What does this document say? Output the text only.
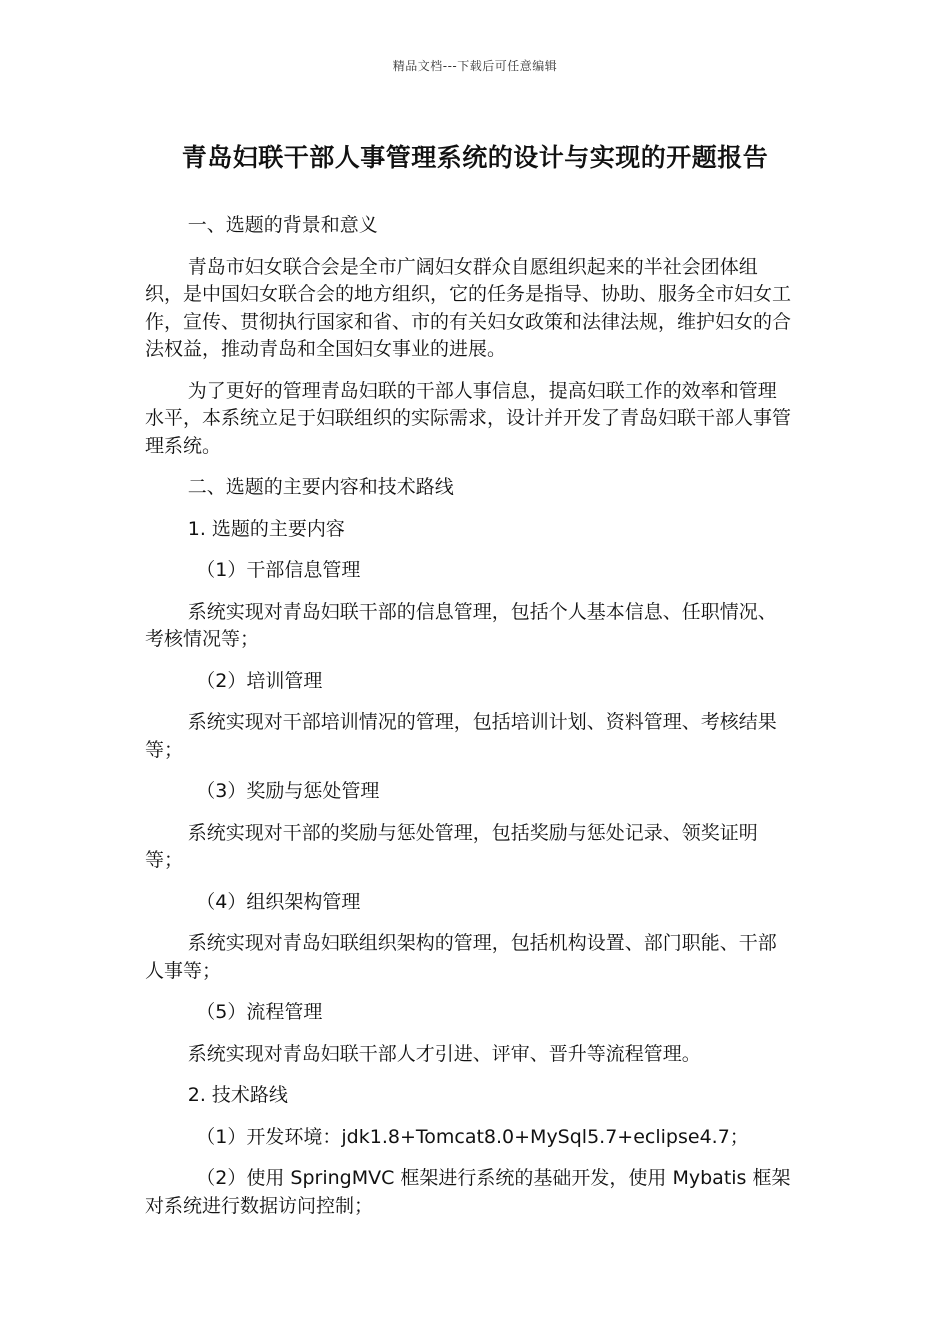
精品文档---下载后可任意编辑
青岛妇联干部人事管理系统的设计与实现的开题报告

一、选题的背景和意义

青岛市妇女联合会是全市广阔妇女群众自愿组织起来的半社会团体组织，是中国妇女联合会的地方组织，它的任务是指导、协助、服务全市妇女工作，宣传、贯彻执行国家和省、市的有关妇女政策和法律法规，维护妇女的合法权益，推动青岛和全国妇女事业的进展。

为了更好的管理青岛妇联的干部人事信息，提高妇联工作的效率和管理水平，本系统立足于妇联组织的实际需求，设计并开发了青岛妇联干部人事管理系统。

二、选题的主要内容和技术路线

1. 选题的主要内容

（1）干部信息管理

系统实现对青岛妇联干部的信息管理，包括个人基本信息、任职情况、考核情况等；

（2）培训管理

系统实现对干部培训情况的管理，包括培训计划、资料管理、考核结果等；

（3）奖励与惩处管理

系统实现对干部的奖励与惩处管理，包括奖励与惩处记录、领奖证明等；

（4）组织架构管理

系统实现对青岛妇联组织架构的管理，包括机构设置、部门职能、干部人事等；

（5）流程管理

系统实现对青岛妇联干部人才引进、评审、晋升等流程管理。

2. 技术路线

（1）开发环境：jdk1.8+Tomcat8.0+MySql5.7+eclipse4.7；

（2）使用 SpringMVC 框架进行系统的基础开发，使用 Mybatis 框架对系统进行数据访问控制；
